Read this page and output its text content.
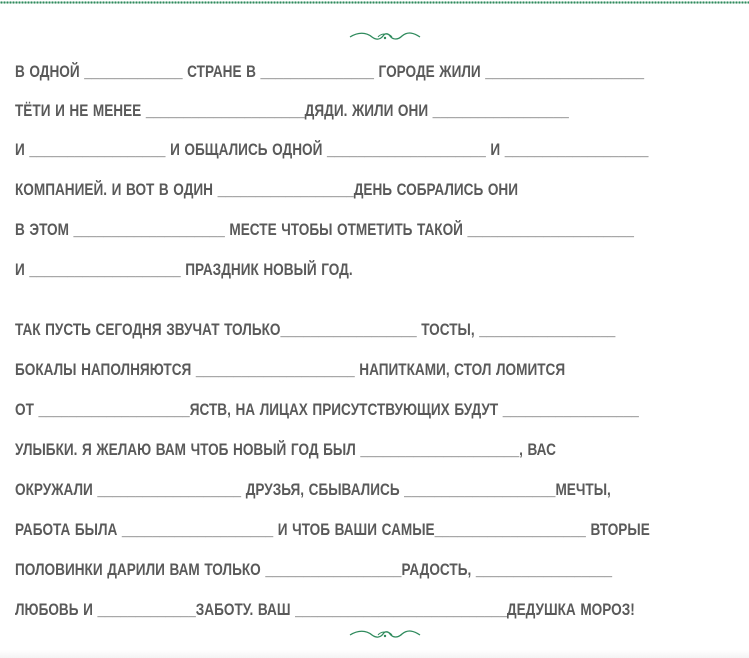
В ОДНОЙ _____________ СТРАНЕ В _______________ ГОРОДЕ ЖИЛИ _____________________
ТЁТИ И НЕ МЕНЕЕ _____________________ДЯДИ. ЖИЛИ ОНИ __________________
И __________________ И ОБЩАЛИСЬ ОДНОЙ _____________________ И ___________________
КОМПАНИЕЙ. И ВОТ В ОДИН __________________ДЕНЬ СОБРАЛИСЬ ОНИ
В ЭТОМ ____________________ МЕСТЕ ЧТОБЫ ОТМЕТИТЬ ТАКОЙ ______________________
И ____________________ ПРАЗДНИК НОВЫЙ ГОД.
ТАК ПУСТЬ СЕГОДНЯ ЗВУЧАТ ТОЛЬКО__________________ ТОСТЫ, __________________
БОКАЛЫ НАПОЛНЯЮТСЯ _____________________ НАПИТКАМИ, СТОЛ ЛОМИТСЯ
ОТ ____________________ЯСТВ, НА ЛИЦАХ ПРИСУТСТВУЮЩИХ БУДУТ __________________
УЛЫБКИ. Я ЖЕЛАЮ ВАМ ЧТОБ НОВЫЙ ГОД БЫЛ _____________________, ВАС
ОКРУЖАЛИ ___________________ ДРУЗЬЯ, СБЫВАЛИСЬ ____________________МЕЧТЫ,
РАБОТА БЫЛА ____________________ И ЧТОБ ВАШИ САМЫЕ____________________ ВТОРЫЕ
ПОЛОВИНКИ ДАРИЛИ ВАМ ТОЛЬКО __________________РАДОСТЬ, __________________
ЛЮБОВЬ И _____________ЗАБОТУ. ВАШ ____________________________ДЕДУШКА МОРОЗ!
